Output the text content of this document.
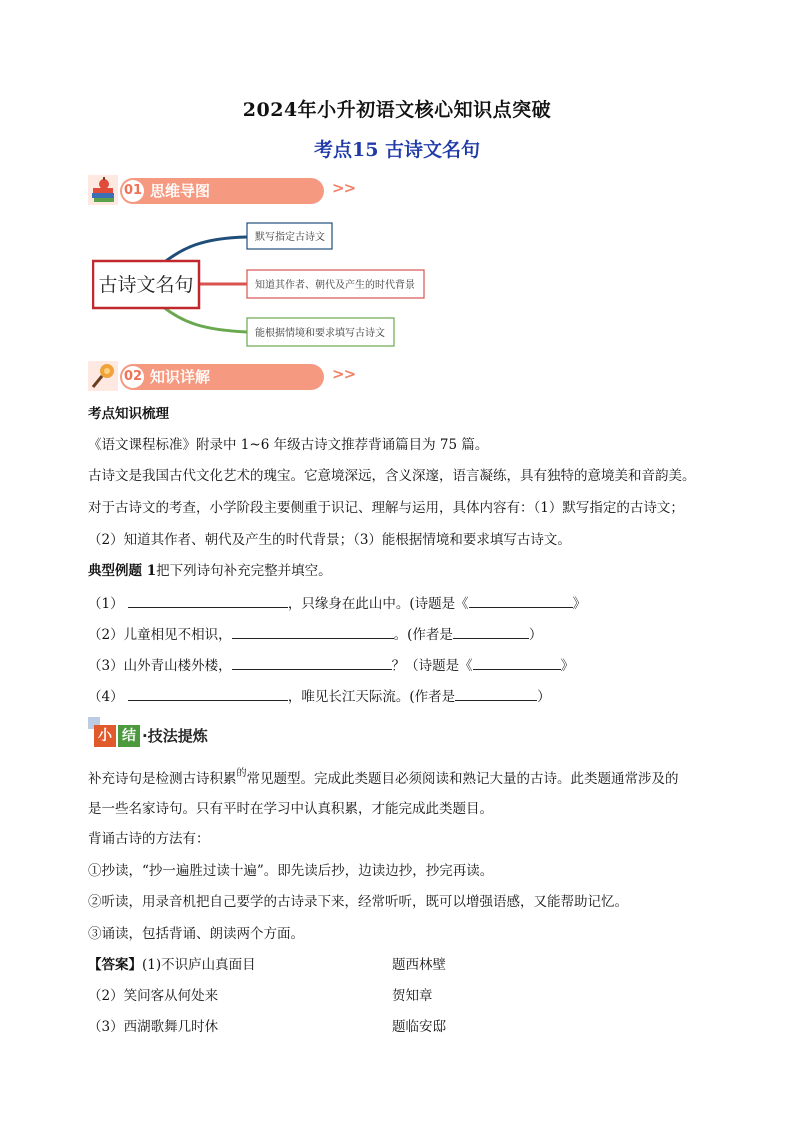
2024年小升初语文核心知识点突破
考点15 古诗文名句
01 思维导图	>>
古诗文名句
默写指定古诗文
知道其作者、朝代及产生的时代背景
能根据情境和要求填写古诗文
02 知识详解	>>
考点知识梳理
《语文课程标准》附录中 1~6 年级古诗文推荐背诵篇目为 75 篇。
古诗文是我国古代文化艺术的瑰宝。它意境深远，含义深邃，语言凝练，具有独特的意境美和音韵美。
对于古诗文的考查，小学阶段主要侧重于识记、理解与运用，具体内容有：（1）默写指定的古诗文；
（2）知道其作者、朝代及产生的时代背景；（3）能根据情境和要求填写古诗文。
典型例题 1把下列诗句补充完整并填空。
（1）	，只缘身在此山中。(诗题是《	》
（2）儿童相见不相识，	。(作者是	）
（3）山外青山楼外楼，	？（诗题是《	》
（4）	，唯见长江天际流。(作者是	）
小 结 ·技法提炼
补充诗句是检测古诗积累$^的$常见题型。完成此类题目必须阅读和熟记大量的古诗。此类题通常涉及的
是一些名家诗句。只有平时在学习中认真积累，才能完成此类题目。
背诵古诗的方法有：
①抄读，“抄一遍胜过读十遍”。即先读后抄，边读边抄，抄完再读。
②听读，用录音机把自己要学的古诗录下来，经常听听，既可以增强语感，又能帮助记忆。
③诵读，包括背诵、朗读两个方面。
【答案】(1)不识庐山真面目	题西林壁
（2）笑问客从何处来	贺知章
（3）西湖歌舞几时休	题临安邸
